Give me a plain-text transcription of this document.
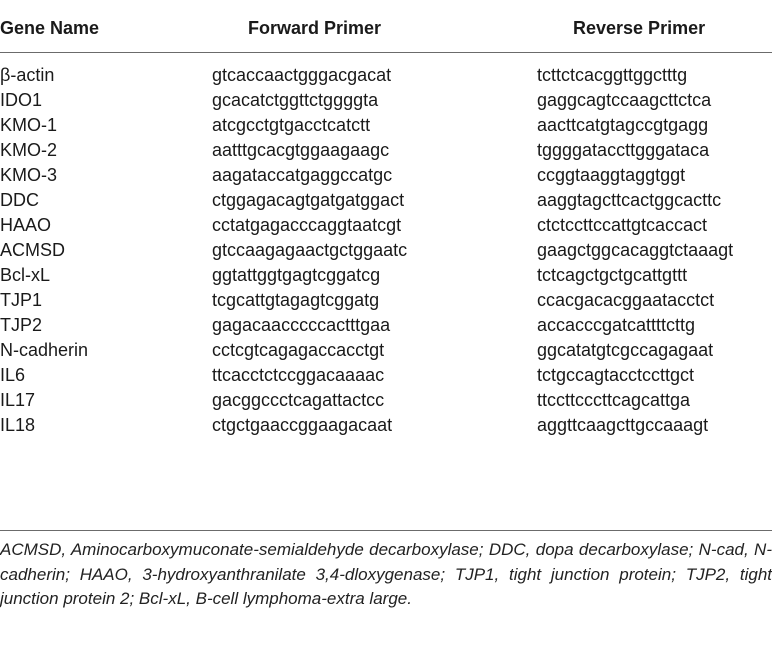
Gene Name	Forward Primer	Reverse Primer
β-actin	gtcaccaactgggacgacat	tcttctcacggttggctttg
IDO1	gcacatctggttctggggta	gaggcagtccaagcttctca
KMO-1	atcgcctgtgacctcatctt	aacttcatgtagccgtgagg
KMO-2	aatttgcacgtggaagaagc	tggggataccttgggataca
KMO-3	aagataccatgaggccatgc	ccggtaaggtaggtggt
DDC	ctggagacagtgatgatggact	aaggtagcttcactggcacttc
HAAO	cctatgagacccaggtaatcgt	ctctccttccattgtcaccact
ACMSD	gtccaagagaactgctggaatc	gaagctggcacaggtctaaagt
Bcl-xL	ggtattggtgagtcggatcg	tctcagctgctgcattgttt
TJP1	tcgcattgtagagtcggatg	ccacgacacggaatacctct
TJP2	gagacaacccccactttgaa	accacccgatcattttcttg
N-cadherin	cctcgtcagagaccacctgt	ggcatatgtcgccagagaat
IL6	ttcacctctccggacaaaac	tctgccagtacctccttgct
IL17	gacggccctcagattactcc	ttccttcccttcagcattga
IL18	ctgctgaaccggaagacaat	aggttcaagcttgccaaagt
ACMSD, Aminocarboxymuconate-semialdehyde decarboxylase; DDC, dopa decarboxylase; N-cad, N-cadherin; HAAO, 3-hydroxyanthranilate 3,4-dloxygenase; TJP1, tight junction protein; TJP2, tight junction protein 2; Bcl-xL, B-cell lymphoma-extra large.
